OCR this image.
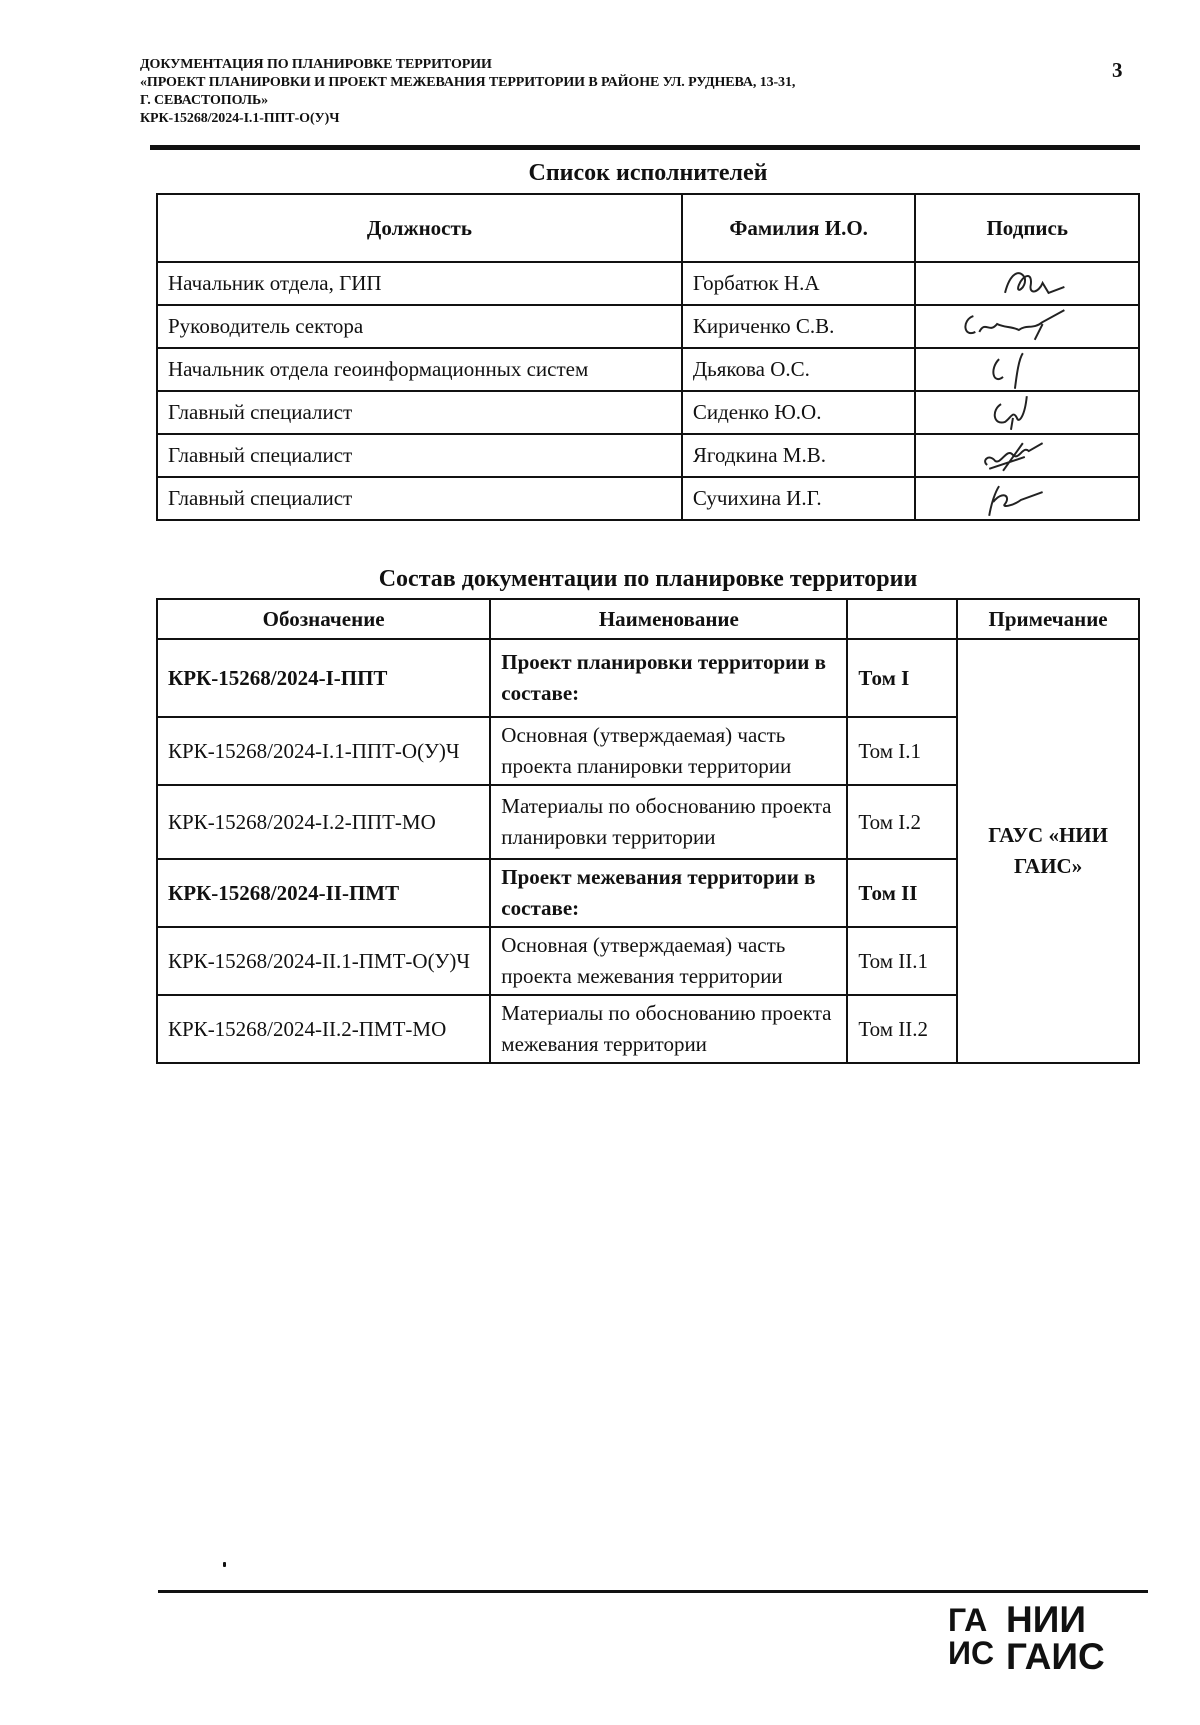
ДОКУМЕНТАЦИЯ ПО ПЛАНИРОВКЕ ТЕРРИТОРИИ
«ПРОЕКТ ПЛАНИРОВКИ И ПРОЕКТ МЕЖЕВАНИЯ ТЕРРИТОРИИ В РАЙОНЕ УЛ. РУДНЕВА, 13-31,
Г. СЕВАСТОПОЛЬ»
КРК-15268/2024-I.1-ППТ-О(У)Ч
3
Список исполнителей
Должность	Фамилия И.О.	Подпись
Начальник отдела, ГИП	Горбатюк Н.А	

Руководитель сектора	Кириченко С.В.	

Начальник отдела геоинформационных систем	Дьякова О.С.	

Главный специалист	Сиденко Ю.О.	

Главный специалист	Ягодкина М.В.	

Главный специалист	Сучихина И.Г.	
Состав документации по планировке территории
Обозначение	Наименование		Примечание
КРК-15268/2024-I-ППТ	Проект планировки территории в составе:	Том I	ГАУС «НИИ ГАИС»
КРК-15268/2024-I.1-ППТ-О(У)Ч	Основная (утверждаемая) часть проекта планировки территории	Том I.1	
КРК-15268/2024-I.2-ППТ-МО	Материалы по обоснованию проекта планировки территории	Том I.2	
КРК-15268/2024-II-ПМТ	Проект межевания территории в составе:	Том II	
КРК-15268/2024-II.1-ПМТ-О(У)Ч	Основная (утверждаемая) часть проекта межевания территории	Том II.1	
КРК-15268/2024-II.2-ПМТ-МО	Материалы по обоснованию проекта межевания территории	Том II.2	
ГА
ИС
НИИ
ГАИС
